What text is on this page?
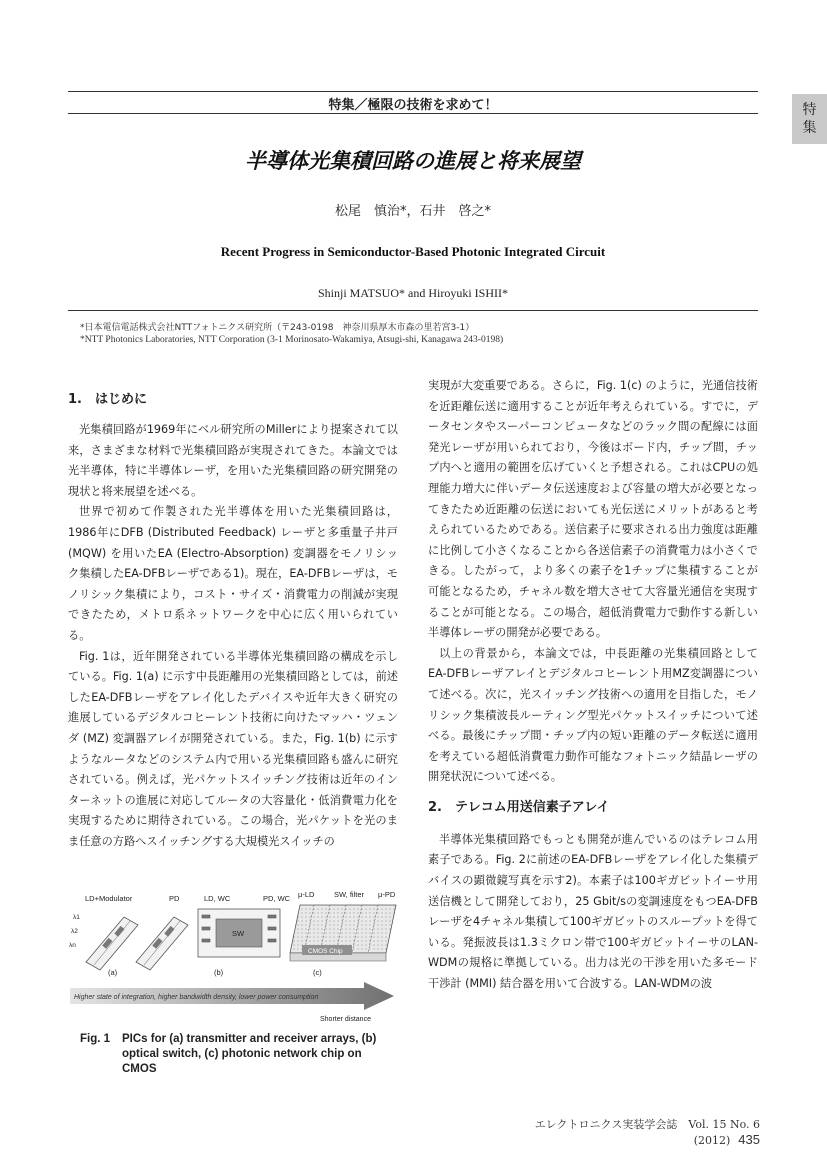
特
集
特集／極限の技術を求めて！
半導体光集積回路の進展と将来展望
松尾　慎治*，石井　啓之*
Recent Progress in Semiconductor-Based Photonic Integrated Circuit
Shinji MATSUO* and Hiroyuki ISHII*
*日本電信電話株式会社NTTフォトニクス研究所（〒243-0198　神奈川県厚木市森の里若宮3-1）
*NTT Photonics Laboratories, NTT Corporation (3-1 Morinosato-Wakamiya, Atsugi-shi, Kanagawa 243-0198)
1.　はじめに

光集積回路が1969年にベル研究所のMillerにより提案されて以来，さまざまな材料で光集積回路が実現されてきた。本論文では光半導体，特に半導体レーザ，を用いた光集積回路の研究開発の現状と将来展望を述べる。

世界で初めて作製された光半導体を用いた光集積回路は，1986年にDFB (Distributed Feedback) レーザと多重量子井戸 (MQW) を用いたEA (Electro-Absorption) 変調器をモノリシック集積したEA-DFBレーザである1)。現在，EA-DFBレーザは，モノリシック集積により，コスト・サイズ・消費電力の削減が実現できたため，メトロ系ネットワークを中心に広く用いられている。

Fig. 1は，近年開発されている半導体光集積回路の構成を示している。Fig. 1(a) に示す中長距離用の光集積回路としては，前述したEA-DFBレーザをアレイ化したデバイスや近年大きく研究の進展しているデジタルコヒーレント技術に向けたマッハ・ツェンダ (MZ) 変調器アレイが開発されている。また，Fig. 1(b) に示すようなルータなどのシステム内で用いる光集積回路も盛んに研究されている。例えば，光パケットスイッチング技術は近年のインターネットの進展に対応してルータの大容量化・低消費電力化を実現するために期待されている。この場合，光パケットを光のまま任意の方路へスイッチングする大規模光スイッチの

LD+Modulator	PD
λ1
λ2
λn
(a)
LD, WC	PD, WC
SW
(b)
μ-LD	SW, filter μ-PD
CMOS Chip
(c)
Higher state of integration, higher bandwidth density, lower power consumption
Shorter distance
Fig. 1 PICs for (a) transmitter and receiver arrays, (b) optical switch, (c) photonic network chip on CMOS

実現が大変重要である。さらに，Fig. 1(c) のように，光通信技術を近距離伝送に適用することが近年考えられている。すでに，データセンタやスーパーコンピュータなどのラック間の配線には面発光レーザが用いられており，今後はボード内，チップ間，チップ内へと適用の範囲を広げていくと予想される。これはCPUの処理能力増大に伴いデータ伝送速度および容量の増大が必要となってきたため近距離の伝送においても光伝送にメリットがあると考えられているためである。送信素子に要求される出力強度は距離に比例して小さくなることから各送信素子の消費電力は小さくできる。したがって，より多くの素子を1チップに集積することが可能となるため，チャネル数を増大させて大容量光通信を実現することが可能となる。この場合，超低消費電力で動作する新しい半導体レーザの開発が必要である。

以上の背景から，本論文では，中長距離の光集積回路としてEA-DFBレーザアレイとデジタルコヒーレント用MZ変調器について述べる。次に，光スイッチング技術への適用を目指した，モノリシック集積波長ルーティング型光パケットスイッチについて述べる。最後にチップ間・チップ内の短い距離のデータ転送に適用を考えている超低消費電力動作可能なフォトニック結晶レーザの開発状況について述べる。

2.　テレコム用送信素子アレイ

半導体光集積回路でもっとも開発が進んでいるのはテレコム用素子である。Fig. 2に前述のEA-DFBレーザをアレイ化した集積デバイスの顕微鏡写真を示す2)。本素子は100ギガビットイーサ用送信機として開発しており，25 Gbit/sの変調速度をもつEA-DFBレーザを4チャネル集積して100ギガビットのスループットを得ている。発振波長は1.3ミクロン帯で100ギガビットイーサのLAN-WDMの規格に準拠している。出力は光の干渉を用いた多モード干渉計 (MMI) 結合器を用いて合波する。LAN-WDMの波

エレクトロニクス実装学会誌　Vol. 15 No. 6 (2012) 435
